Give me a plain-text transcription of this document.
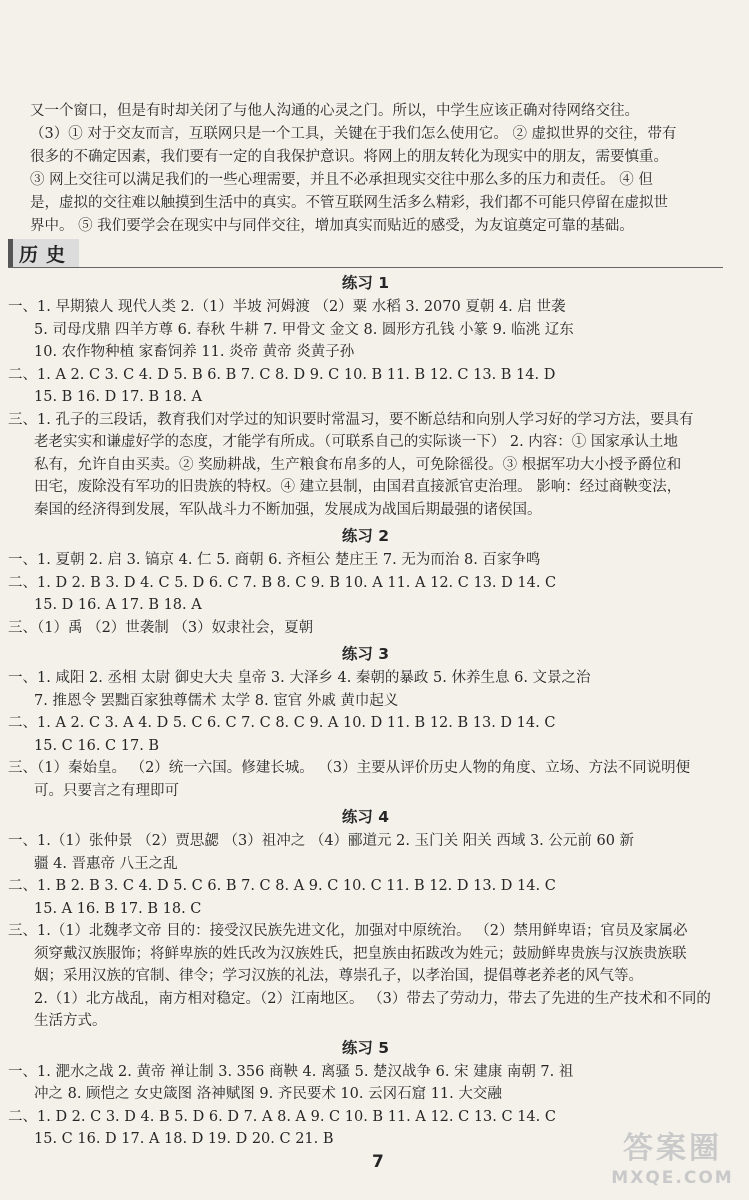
又一个窗口，但是有时却关闭了与他人沟通的心灵之门。所以，中学生应该正确对待网络交往。

（3）① 对于交友而言，互联网只是一个工具，关键在于我们怎么使用它。 ② 虚拟世界的交往，带有

很多的不确定因素，我们要有一定的自我保护意识。将网上的朋友转化为现实中的朋友，需要慎重。

③ 网上交往可以满足我们的一些心理需要，并且不必承担现实交往中那么多的压力和责任。 ④ 但

是，虚拟的交往难以触摸到生活中的真实。不管互联网生活多么精彩，我们都不可能只停留在虚拟世

界中。 ⑤ 我们要学会在现实中与同伴交往，增加真实而贴近的感受，为友谊奠定可靠的基础。

历史
练习 1
一、1. 早期猿人 现代人类 2.（1）半坡 河姆渡 （2）粟 水稻 3. 2070 夏朝 4. 启 世袭
5. 司母戊鼎 四羊方尊 6. 春秋 牛耕 7. 甲骨文 金文 8. 圆形方孔钱 小篆 9. 临洮 辽东
10. 农作物种植 家畜饲养 11. 炎帝 黄帝 炎黄子孙
二、1. A 2. C 3. C 4. D 5. B 6. B 7. C 8. D 9. C 10. B 11. B 12. C 13. B 14. D
15. B 16. D 17. B 18. A
三、1. 孔子的三段话，教育我们对学过的知识要时常温习，要不断总结和向别人学习好的学习方法，要具有
老老实实和谦虚好学的态度，才能学有所成。（可联系自己的实际谈一下） 2. 内容：① 国家承认土地
私有，允许自由买卖。② 奖励耕战，生产粮食布帛多的人，可免除徭役。③ 根据军功大小授予爵位和
田宅，废除没有军功的旧贵族的特权。④ 建立县制，由国君直接派官吏治理。 影响：经过商鞅变法，
秦国的经济得到发展，军队战斗力不断加强，发展成为战国后期最强的诸侯国。
练习 2
一、1. 夏朝 2. 启 3. 镐京 4. 仁 5. 商朝 6. 齐桓公 楚庄王 7. 无为而治 8. 百家争鸣
二、1. D 2. B 3. D 4. C 5. D 6. C 7. B 8. C 9. B 10. A 11. A 12. C 13. D 14. C
15. D 16. A 17. B 18. A
三、（1）禹 （2）世袭制 （3）奴隶社会，夏朝
练习 3
一、1. 咸阳 2. 丞相 太尉 御史大夫 皇帝 3. 大泽乡 4. 秦朝的暴政 5. 休养生息 6. 文景之治
7. 推恩令 罢黜百家独尊儒术 太学 8. 宦官 外戚 黄巾起义
二、1. A 2. C 3. A 4. D 5. C 6. C 7. C 8. C 9. A 10. D 11. B 12. B 13. D 14. C
15. C 16. C 17. B
三、（1）秦始皇。 （2）统一六国。修建长城。 （3）主要从评价历史人物的角度、立场、方法不同说明便
可。只要言之有理即可
练习 4
一、1.（1）张仲景 （2）贾思勰 （3）祖冲之 （4）郦道元 2. 玉门关 阳关 西域 3. 公元前 60 新
疆 4. 晋惠帝 八王之乱
二、1. B 2. B 3. C 4. D 5. C 6. B 7. C 8. A 9. C 10. C 11. B 12. D 13. D 14. C
15. A 16. B 17. B 18. C
三、1.（1）北魏孝文帝 目的：接受汉民族先进文化，加强对中原统治。 （2）禁用鲜卑语；官员及家属必
须穿戴汉族服饰；将鲜卑族的姓氏改为汉族姓氏，把皇族由拓跋改为姓元；鼓励鲜卑贵族与汉族贵族联
姻；采用汉族的官制、律令；学习汉族的礼法，尊崇孔子，以孝治国，提倡尊老养老的风气等。
2.（1）北方战乱，南方相对稳定。（2）江南地区。 （3）带去了劳动力，带去了先进的生产技术和不同的
生活方式。
练习 5
一、1. 淝水之战 2. 黄帝 禅让制 3. 356 商鞅 4. 离骚 5. 楚汉战争 6. 宋 建康 南朝 7. 祖
冲之 8. 顾恺之 女史箴图 洛神赋图 9. 齐民要术 10. 云冈石窟 11. 大交融
二、1. D 2. C 3. D 4. B 5. D 6. D 7. A 8. A 9. C 10. B 11. A 12. C 13. C 14. C
15. C 16. D 17. A 18. D 19. D 20. C 21. B
7	答案圈
MXQE.COM
